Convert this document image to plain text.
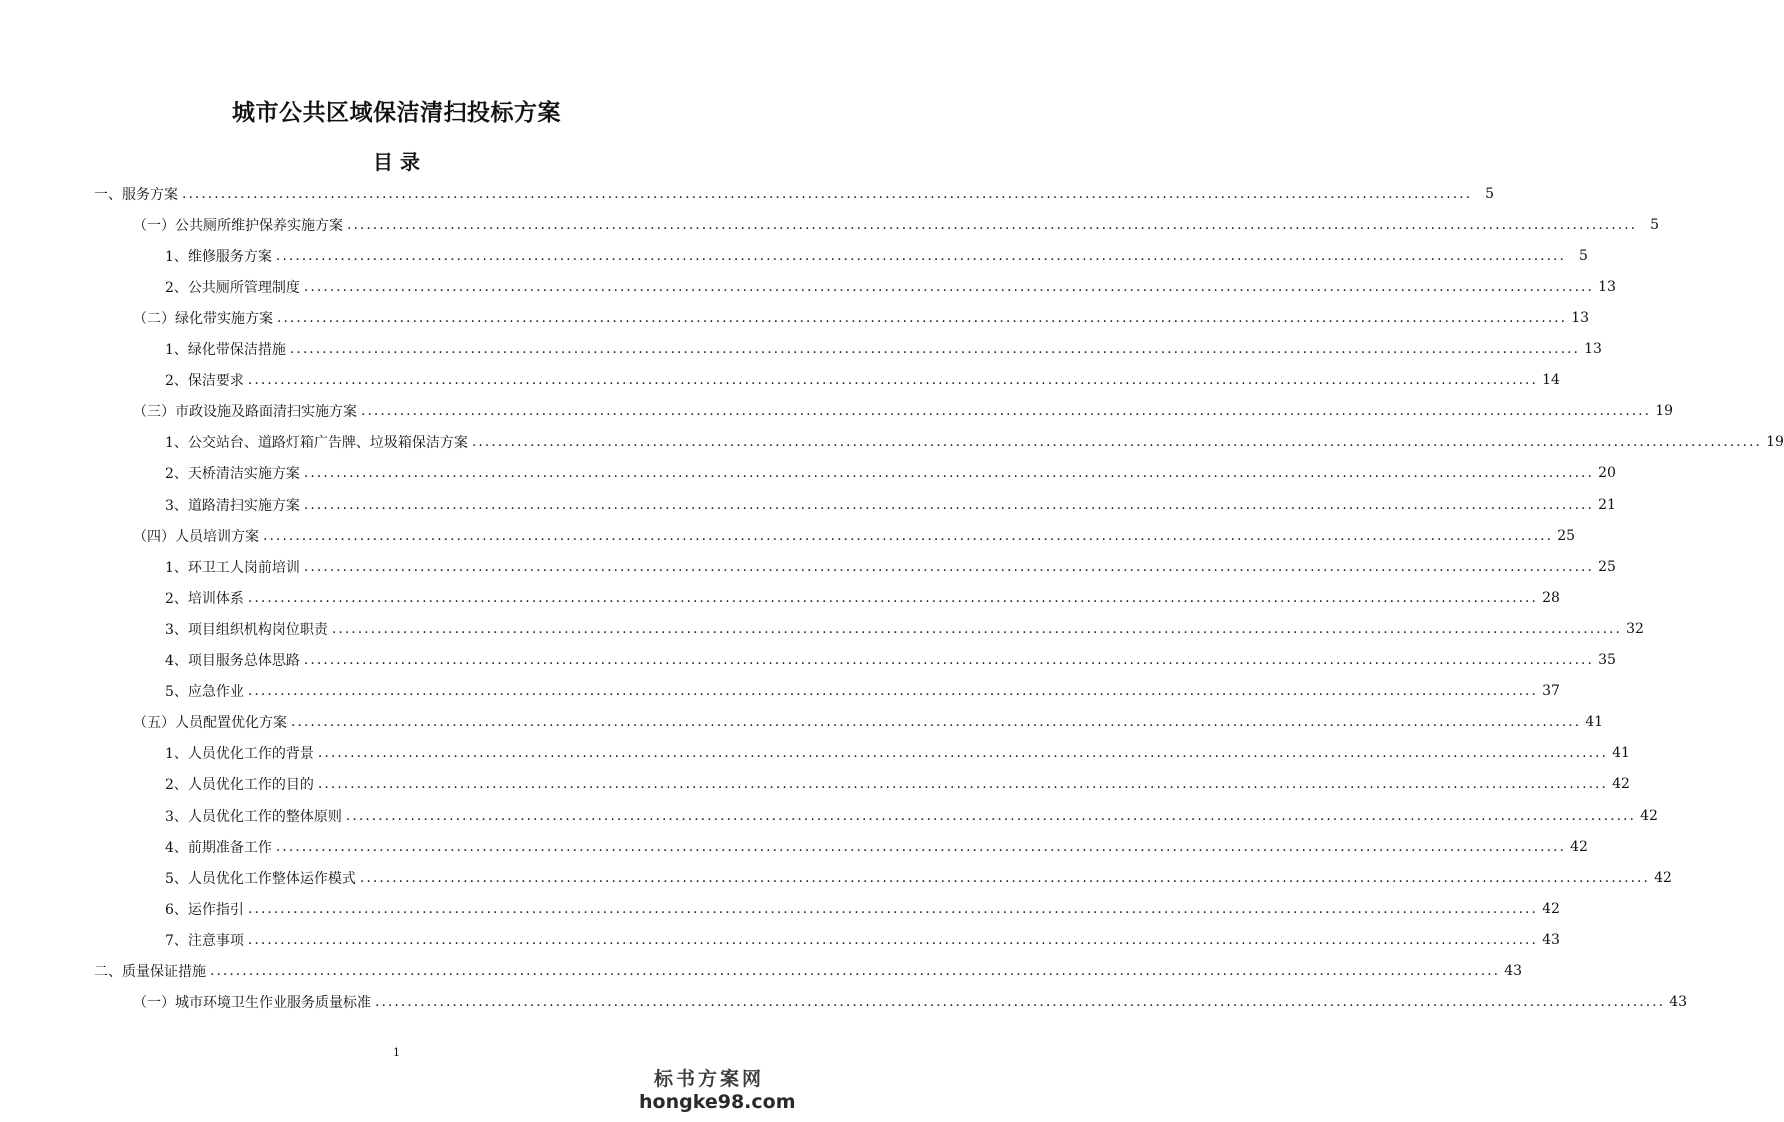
城市公共区域保洁清扫投标方案
目 录
一、服务方案 ........................................................................................................................................................................................................ 5
（一）公共厕所维护保养实施方案 ........................................................................................................................................................................................................ 5
1、维修服务方案 ........................................................................................................................................................................................................ 5
2、公共厕所管理制度 ........................................................................................................................................................................................................ 13
（二）绿化带实施方案 ........................................................................................................................................................................................................ 13
1、绿化带保洁措施 ........................................................................................................................................................................................................ 13
2、保洁要求 ........................................................................................................................................................................................................ 14
（三）市政设施及路面清扫实施方案 ........................................................................................................................................................................................................ 19
1、公交站台、道路灯箱广告牌、垃圾箱保洁方案 ........................................................................................................................................................................................................ 19
2、天桥清洁实施方案 ........................................................................................................................................................................................................ 20
3、道路清扫实施方案 ........................................................................................................................................................................................................ 21
（四）人员培训方案 ........................................................................................................................................................................................................ 25
1、环卫工人岗前培训 ........................................................................................................................................................................................................ 25
2、培训体系 ........................................................................................................................................................................................................ 28
3、项目组织机构岗位职责 ........................................................................................................................................................................................................ 32
4、项目服务总体思路 ........................................................................................................................................................................................................ 35
5、应急作业 ........................................................................................................................................................................................................ 37
（五）人员配置优化方案 ........................................................................................................................................................................................................ 41
1、人员优化工作的背景 ........................................................................................................................................................................................................ 41
2、人员优化工作的目的 ........................................................................................................................................................................................................ 42
3、人员优化工作的整体原则 ........................................................................................................................................................................................................ 42
4、前期准备工作 ........................................................................................................................................................................................................ 42
5、人员优化工作整体运作模式 ........................................................................................................................................................................................................ 42
6、运作指引 ........................................................................................................................................................................................................ 42
7、注意事项 ........................................................................................................................................................................................................ 43
二、质量保证措施 ........................................................................................................................................................................................................ 43
（一）城市环境卫生作业服务质量标准 ........................................................................................................................................................................................................ 43
1
标书方案网
hongke98.com
